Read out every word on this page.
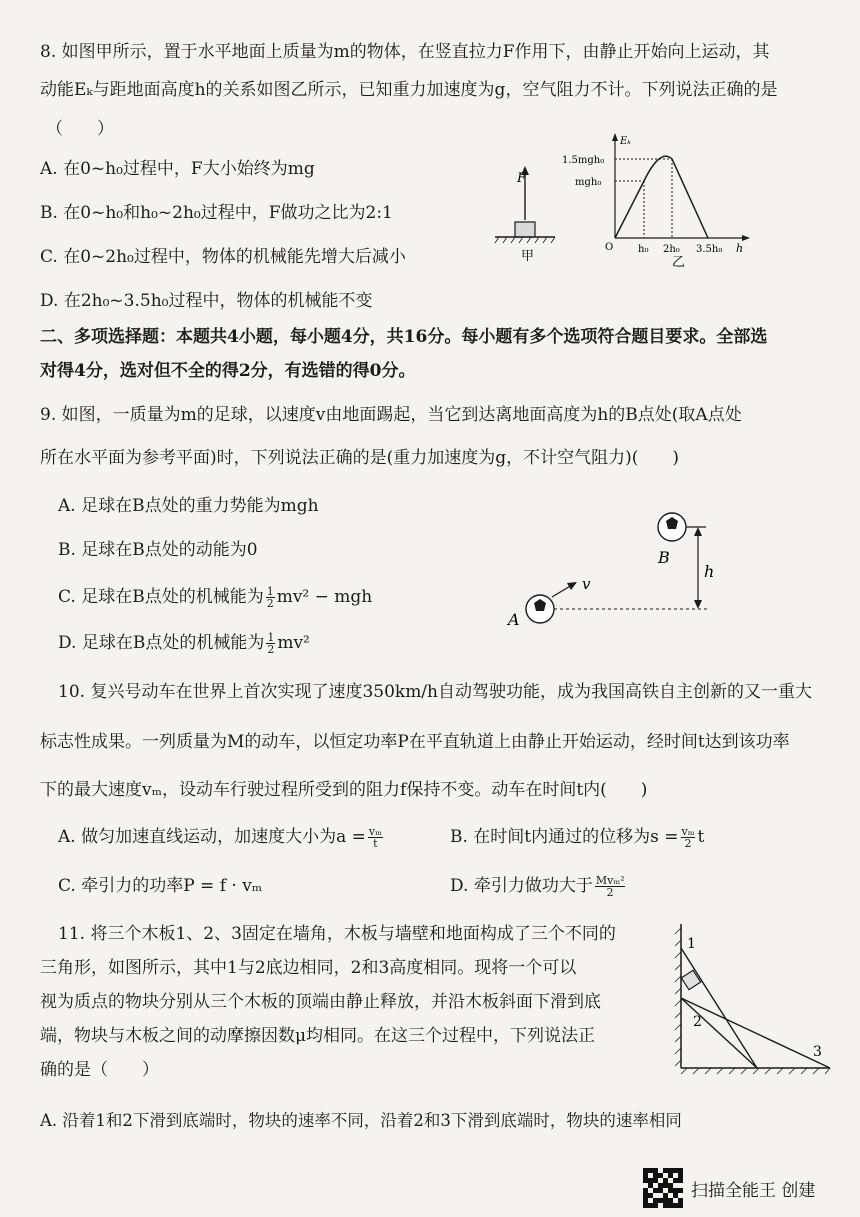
8. 如图甲所示，置于水平地面上质量为m的物体，在竖直拉力F作用下，由静止开始向上运动，其
动能Eₖ与距地面高度h的关系如图乙所示，已知重力加速度为g，空气阻力不计。下列说法正确的是
（　　）
A. 在0~h₀过程中，F大小始终为mg
B. 在0~h₀和h₀~2h₀过程中，F做功之比为2:1
C. 在0~2h₀过程中，物体的机械能先增大后减小
D. 在2h₀~3.5h₀过程中，物体的机械能不变
F
甲
Eₖ
1.5mgh₀
mgh₀
h₀ 2h₀ 3.5h₀ h
O
乙
二、多项选择题：本题共4小题，每小题4分，共16分。每小题有多个选项符合题目要求。全部选
对得4分，选对但不全的得2分，有选错的得0分。
9. 如图，一质量为m的足球，以速度v由地面踢起，当它到达离地面高度为h的B点处(取A点处
所在水平面为参考平面)时，下列说法正确的是(重力加速度为g，不计空气阻力)(　　)
A. 足球在B点处的重力势能为mgh
B. 足球在B点处的动能为0
C. 足球在B点处的机械能为 $\frac{1}{2} mv^2$ − mgh
D. 足球在B点处的机械能为 $\frac{1}{2} mv^2$
B
h
A
v
10. 复兴号动车在世界上首次实现了速度350km/h自动驾驶功能，成为我国高铁自主创新的又一重大
标志性成果。一列质量为M的动车，以恒定功率P在平直轨道上由静止开始运动，经时间t达到该功率
下的最大速度vₘ，设动车行驶过程所受到的阻力f保持不变。动车在时间t内(　　)
A. 做匀加速直线运动，加速度大小为$a = \frac{\text{vₘ}}{t}$	B. 在时间t内通过的位移为$s = \frac{\text{vₘ}}{2}$ t
C. 牵引力的功率P = f · vₘ	D. 牵引力做功大于 $\frac{\text{Mvₘ²}}{2}$
11. 将三个木板1、2、3固定在墙角，木板与墙壁和地面构成了三个不同的
三角形，如图所示，其中1与2底边相同，2和3高度相同。现将一个可以
视为质点的物块分别从三个木板的顶端由静止释放，并沿木板斜面下滑到底
端，物块与木板之间的动摩擦因数μ均相同。在这三个过程中，下列说法正
确的是（　　）
A. 沿着1和2下滑到底端时，物块的速率不同，沿着2和3下滑到底端时，物块的速率相同
1
2
3
扫描全能王 创建
